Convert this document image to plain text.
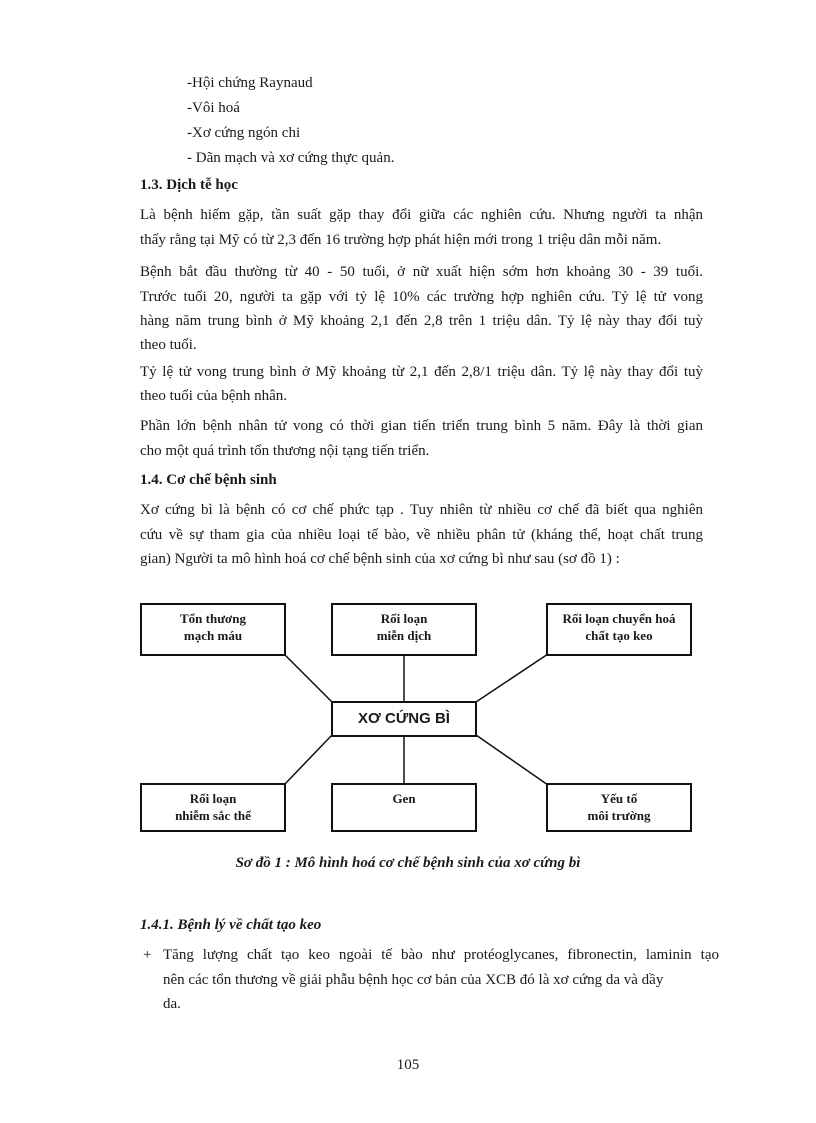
-Hội chứng Raynaud
-Vôi hoá
-Xơ cứng ngón chi
- Dãn mạch và xơ cứng thực quản.
1.3. Dịch tễ học
Là bệnh hiếm gặp, tần suất gặp thay đổi giữa các nghiên cứu. Nhưng người ta nhận
thấy rằng tại Mỹ có từ 2,3 đến 16 trường hợp phát hiện mới trong 1 triệu dân mỗi năm.
Bệnh bắt đầu thường từ 40 - 50 tuổi, ở nữ xuất hiện sớm hơn khoảng 30 - 39 tuổi.
Trước tuổi 20, người ta gặp với tỷ lệ 10% các trường hợp nghiên cứu. Tỷ lệ tử vong
hàng năm trung bình ở Mỹ khoảng 2,1 đến 2,8 trên 1 triệu dân. Tỷ lệ này thay đổi tuỳ
theo tuổi.
Tỷ lệ tử vong trung bình ở Mỹ khoảng từ 2,1 đến 2,8/1 triệu dân. Tỷ lệ này thay đổi tuỳ
theo tuổi của bệnh nhân.
Phần lớn bệnh nhân tử vong có thời gian tiến triển trung bình 5 năm. Đây là thời gian
cho một quá trình tổn thương nội tạng tiến triển.
1.4. Cơ chế bệnh sinh
Xơ cứng bì là bệnh có cơ chế phức tạp . Tuy nhiên từ nhiều cơ chế đã biết qua nghiên
cứu về sự tham gia của nhiều loại tế bào, về nhiều phân tử (kháng thể, hoạt chất trung
gian) Người ta mô hình hoá cơ chế bệnh sinh của xơ cứng bì như sau (sơ đồ 1) :
Tổn thương
mạch máu
Rối loạn
miễn dịch
Rối loạn chuyển hoá
chất tạo keo
XƠ CỨNG BÌ
Rối loạn
nhiễm sắc thể
Gen	Yếu tố
môi trường
Sơ đồ 1 : Mô hình hoá cơ chế bệnh sinh của xơ cứng bì
1.4.1. Bệnh lý về chất tạo keo
+ Tăng lượng chất tạo keo ngoài tế bào như protéoglycanes, fibronectin, laminin tạo
nên các tổn thương về giải phẫu bệnh học cơ bản của XCB đó là xơ cứng da và dầy
da.
105
